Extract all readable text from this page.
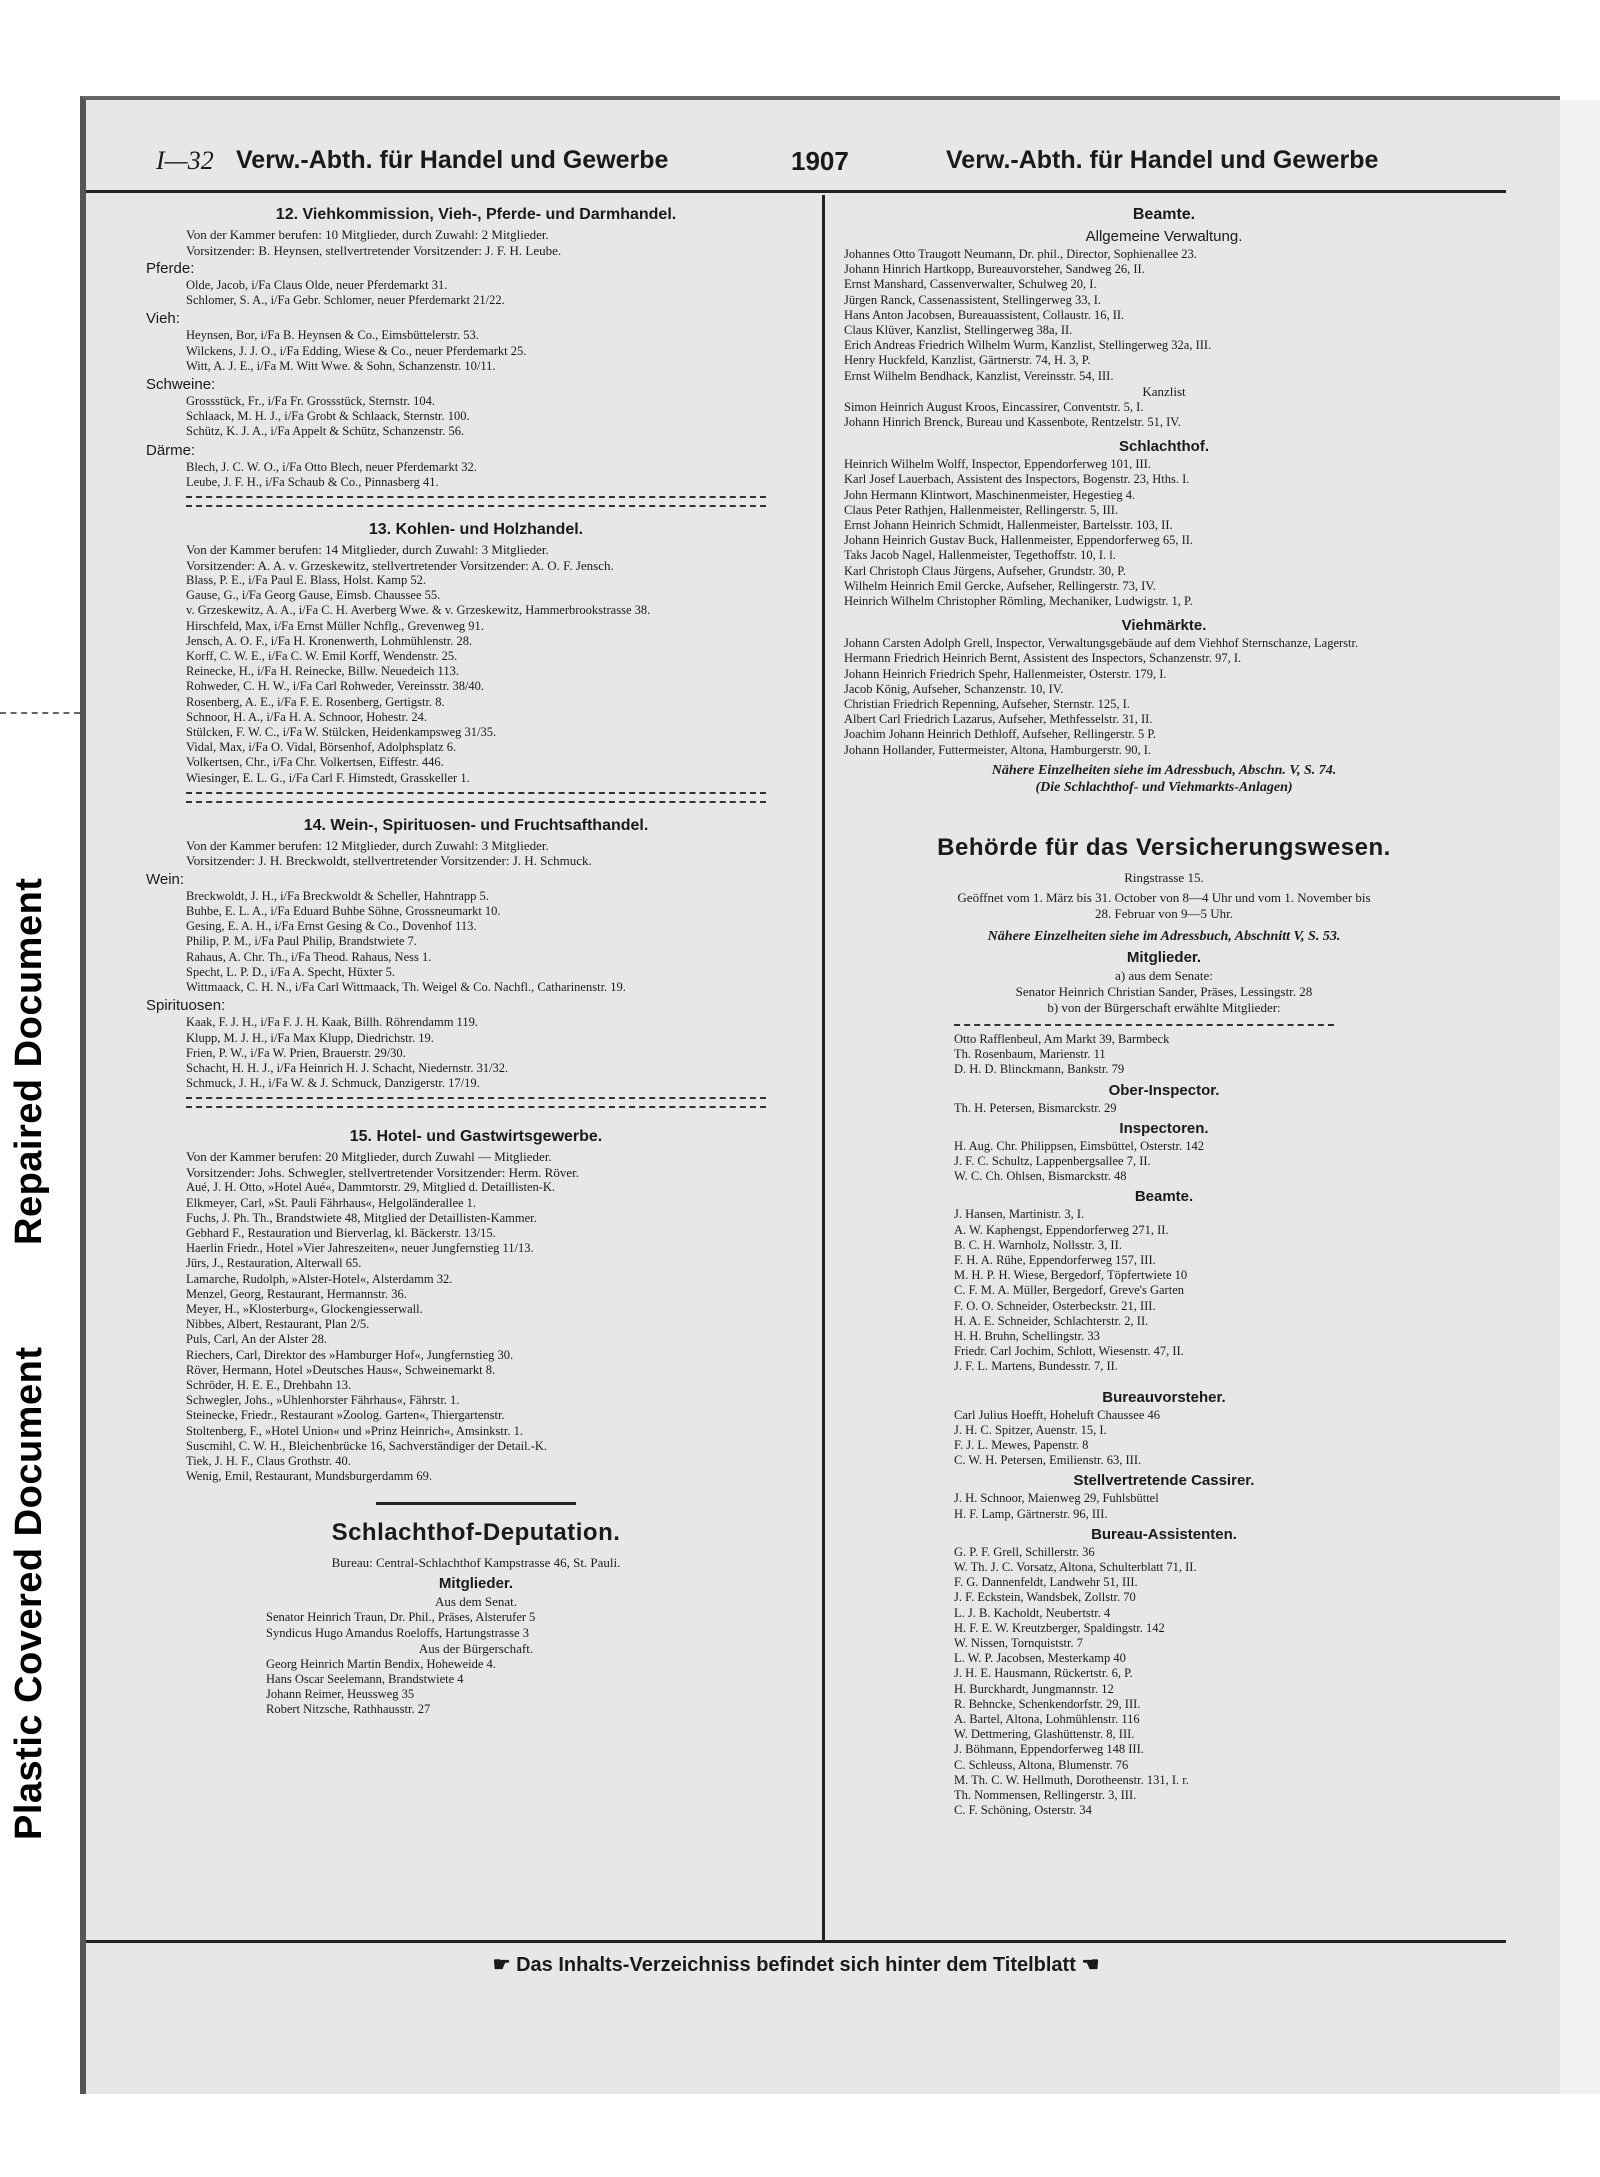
Repaired Document
Plastic Covered Document
I—32 Verw.-Abth. für Handel und Gewerbe	1907	Verw.-Abth. für Handel und Gewerbe
12. Viehkommission, Vieh-, Pferde- und Darmhandel.
Von der Kammer berufen: 10 Mitglieder, durch Zuwahl: 2 Mitglieder.
Vorsitzender: B. Heynsen, stellvertretender Vorsitzender: J. F. H. Leube.
Pferde:
Olde, Jacob, i/Fa Claus Olde, neuer Pferdemarkt 31.
Schlomer, S. A., i/Fa Gebr. Schlomer, neuer Pferdemarkt 21/22.
Vieh:
Heynsen, Bor, i/Fa B. Heynsen & Co., Eimsbüttelerstr. 53.
Wilckens, J. J. O., i/Fa Edding, Wiese & Co., neuer Pferdemarkt 25.
Witt, A. J. E., i/Fa M. Witt Wwe. & Sohn, Schanzenstr. 10/11.
Schweine:
Grossstück, Fr., i/Fa Fr. Grossstück, Sternstr. 104.
Schlaack, M. H. J., i/Fa Grobt & Schlaack, Sternstr. 100.
Schütz, K. J. A., i/Fa Appelt & Schütz, Schanzenstr. 56.
Därme:
Blech, J. C. W. O., i/Fa Otto Blech, neuer Pferdemarkt 32.
Leube, J. F. H., i/Fa Schaub & Co., Pinnasberg 41.
13. Kohlen- und Holzhandel.
Von der Kammer berufen: 14 Mitglieder, durch Zuwahl: 3 Mitglieder.
Vorsitzender: A. A. v. Grzeskewitz, stellvertretender Vorsitzender: A. O. F. Jensch.
Blass, P. E., i/Fa Paul E. Blass, Holst. Kamp 52.
Gause, G., i/Fa Georg Gause, Eimsb. Chaussee 55.
v. Grzeskewitz, A. A., i/Fa C. H. Averberg Wwe. & v. Grzeskewitz, Hammerbrookstrasse 38.
Hirschfeld, Max, i/Fa Ernst Müller Nchflg., Grevenweg 91.
Jensch, A. O. F., i/Fa H. Kronenwerth, Lohmühlenstr. 28.
Korff, C. W. E., i/Fa C. W. Emil Korff, Wendenstr. 25.
Reinecke, H., i/Fa H. Reinecke, Billw. Neuedeich 113.
Rohweder, C. H. W., i/Fa Carl Rohweder, Vereinsstr. 38/40.
Rosenberg, A. E., i/Fa F. E. Rosenberg, Gertigstr. 8.
Schnoor, H. A., i/Fa H. A. Schnoor, Hohestr. 24.
Stülcken, F. W. C., i/Fa W. Stülcken, Heidenkampsweg 31/35.
Vidal, Max, i/Fa O. Vidal, Börsenhof, Adolphsplatz 6.
Volkertsen, Chr., i/Fa Chr. Volkertsen, Eiffestr. 446.
Wiesinger, E. L. G., i/Fa Carl F. Himstedt, Grasskeller 1.
14. Wein-, Spirituosen- und Fruchtsafthandel.
Von der Kammer berufen: 12 Mitglieder, durch Zuwahl: 3 Mitglieder.
Vorsitzender: J. H. Breckwoldt, stellvertretender Vorsitzender: J. H. Schmuck.
Wein:
Breckwoldt, J. H., i/Fa Breckwoldt & Scheller, Hahntrapp 5.
Buhbe, E. L. A., i/Fa Eduard Buhbe Söhne, Grossneumarkt 10.
Gesing, E. A. H., i/Fa Ernst Gesing & Co., Dovenhof 113.
Philip, P. M., i/Fa Paul Philip, Brandstwiete 7.
Rahaus, A. Chr. Th., i/Fa Theod. Rahaus, Ness 1.
Specht, L. P. D., i/Fa A. Specht, Hüxter 5.
Wittmaack, C. H. N., i/Fa Carl Wittmaack, Th. Weigel & Co. Nachfl., Catharinenstr. 19.
Spirituosen:
Kaak, F. J. H., i/Fa F. J. H. Kaak, Billh. Röhrendamm 119.
Klupp, M. J. H., i/Fa Max Klupp, Diedrichstr. 19.
Frien, P. W., i/Fa W. Prien, Brauerstr. 29/30.
Schacht, H. H. J., i/Fa Heinrich H. J. Schacht, Niedernstr. 31/32.
Schmuck, J. H., i/Fa W. & J. Schmuck, Danzigerstr. 17/19.
15. Hotel- und Gastwirtsgewerbe.
Von der Kammer berufen: 20 Mitglieder, durch Zuwahl — Mitglieder.
Vorsitzender: Johs. Schwegler, stellvertretender Vorsitzender: Herm. Röver.
Aué, J. H. Otto, »Hotel Aué«, Dammtorstr. 29, Mitglied d. Detaillisten-K.
Elkmeyer, Carl, »St. Pauli Fährhaus«, Helgoländerallee 1.
Fuchs, J. Ph. Th., Brandstwiete 48, Mitglied der Detaillisten-Kammer.
Gebhard F., Restauration und Bierverlag, kl. Bäckerstr. 13/15.
Haerlin Friedr., Hotel »Vier Jahreszeiten«, neuer Jungfernstieg 11/13.
Jürs, J., Restauration, Alterwall 65.
Lamarche, Rudolph, »Alster-Hotel«, Alsterdamm 32.
Menzel, Georg, Restaurant, Hermannstr. 36.
Meyer, H., »Klosterburg«, Glockengiesserwall.
Nibbes, Albert, Restaurant, Plan 2/5.
Puls, Carl, An der Alster 28.
Riechers, Carl, Direktor des »Hamburger Hof«, Jungfernstieg 30.
Röver, Hermann, Hotel »Deutsches Haus«, Schweinemarkt 8.
Schröder, H. E. E., Drehbahn 13.
Schwegler, Johs., »Uhlenhorster Fährhaus«, Fährstr. 1.
Steinecke, Friedr., Restaurant »Zoolog. Garten«, Thiergartenstr.
Stoltenberg, F., »Hotel Union« und »Prinz Heinrich«, Amsinkstr. 1.
Suscmihl, C. W. H., Bleichenbrücke 16, Sachverständiger der Detail.-K.
Tiek, J. H. F., Claus Grothstr. 40.
Wenig, Emil, Restaurant, Mundsburgerdamm 69.
Schlachthof-Deputation.
Bureau: Central-Schlachthof Kampstrasse 46, St. Pauli.
Mitglieder.
Aus dem Senat.
Senator Heinrich Traun, Dr. Phil., Präses, Alsterufer 5
Syndicus Hugo Amandus Roeloffs, Hartungstrasse 3
Aus der Bürgerschaft.
Georg Heinrich Martin Bendix, Hoheweide 4.
Hans Oscar Seelemann, Brandstwiete 4
Johann Reimer, Heussweg 35
Robert Nitzsche, Rathhausstr. 27
Beamte.
Allgemeine Verwaltung.
Johannes Otto Traugott Neumann, Dr. phil., Director, Sophienallee 23.
Johann Hinrich Hartkopp, Bureauvorsteher, Sandweg 26, II.
Ernst Manshard, Cassenverwalter, Schulweg 20, I.
Jürgen Ranck, Cassenassistent, Stellingerweg 33, I.
Hans Anton Jacobsen, Bureauassistent, Collaustr. 16, II.
Claus Klüver, Kanzlist, Stellingerweg 38a, II.
Erich Andreas Friedrich Wilhelm Wurm, Kanzlist, Stellingerweg 32a, III.
Henry Huckfeld, Kanzlist, Gärtnerstr. 74, H. 3, P.
Ernst Wilhelm Bendhack, Kanzlist, Vereinsstr. 54, III.
Kanzlist
Simon Heinrich August Kroos, Eincassirer, Conventstr. 5, I.
Johann Hinrich Brenck, Bureau und Kassenbote, Rentzelstr. 51, IV.
Schlachthof.
Heinrich Wilhelm Wolff, Inspector, Eppendorferweg 101, III.
Karl Josef Lauerbach, Assistent des Inspectors, Bogenstr. 23, Hths. I.
John Hermann Klintwort, Maschinenmeister, Hegestieg 4.
Claus Peter Rathjen, Hallenmeister, Rellingerstr. 5, III.
Ernst Johann Heinrich Schmidt, Hallenmeister, Bartelsstr. 103, II.
Johann Heinrich Gustav Buck, Hallenmeister, Eppendorferweg 65, II.
Taks Jacob Nagel, Hallenmeister, Tegethoffstr. 10, I. l.
Karl Christoph Claus Jürgens, Aufseher, Grundstr. 30, P.
Wilhelm Heinrich Emil Gercke, Aufseher, Rellingerstr. 73, IV.
Heinrich Wilhelm Christopher Römling, Mechaniker, Ludwigstr. 1, P.
Viehmärkte.
Johann Carsten Adolph Grell, Inspector, Verwaltungsgebäude auf dem Viehhof Sternschanze, Lagerstr.
Hermann Friedrich Heinrich Bernt, Assistent des Inspectors, Schanzenstr. 97, I.
Johann Heinrich Friedrich Spehr, Hallenmeister, Osterstr. 179, I.
Jacob König, Aufseher, Schanzenstr. 10, IV.
Christian Friedrich Repenning, Aufseher, Sternstr. 125, I.
Albert Carl Friedrich Lazarus, Aufseher, Methfesselstr. 31, II.
Joachim Johann Heinrich Dethloff, Aufseher, Rellingerstr. 5 P.
Johann Hollander, Futtermeister, Altona, Hamburgerstr. 90, I.
Nähere Einzelheiten siehe im Adressbuch, Abschn. V, S. 74.
(Die Schlachthof- und Viehmarkts-Anlagen)
Behörde für das Versicherungswesen.
Ringstrasse 15.
Geöffnet vom 1. März bis 31. October von 8—4 Uhr und vom 1. November bis
28. Februar von 9—5 Uhr.
Nähere Einzelheiten siehe im Adressbuch, Abschnitt V, S. 53.
Mitglieder.
a) aus dem Senate:
Senator Heinrich Christian Sander, Präses, Lessingstr. 28
b) von der Bürgerschaft erwählte Mitglieder:
Otto Rafflenbeul, Am Markt 39, Barmbeck
Th. Rosenbaum, Marienstr. 11
D. H. D. Blinckmann, Bankstr. 79
Ober-Inspector.
Th. H. Petersen, Bismarckstr. 29
Inspectoren.
H. Aug. Chr. Philippsen, Eimsbüttel, Osterstr. 142
J. F. C. Schultz, Lappenbergsallee 7, II.
W. C. Ch. Ohlsen, Bismarckstr. 48
Beamte.
J. Hansen, Martinistr. 3, I.
A. W. Kaphengst, Eppendorferweg 271, II.
B. C. H. Warnholz, Nollsstr. 3, II.
F. H. A. Rühe, Eppendorferweg 157, III.
M. H. P. H. Wiese, Bergedorf, Töpfertwiete 10
C. F. M. A. Müller, Bergedorf, Greve's Garten
F. O. O. Schneider, Osterbeckstr. 21, III.
H. A. E. Schneider, Schlachterstr. 2, II.
H. H. Bruhn, Schellingstr. 33
Friedr. Carl Jochim, Schlott, Wiesenstr. 47, II.
J. F. L. Martens, Bundesstr. 7, II.
Bureauvorsteher.
Carl Julius Hoefft, Hoheluft Chaussee 46
J. H. C. Spitzer, Auenstr. 15, I.
F. J. L. Mewes, Papenstr. 8
C. W. H. Petersen, Emilienstr. 63, III.
Stellvertretende Cassirer.
J. H. Schnoor, Maienweg 29, Fuhlsbüttel
H. F. Lamp, Gärtnerstr. 96, III.
Bureau-Assistenten.
G. P. F. Grell, Schillerstr. 36
W. Th. J. C. Vorsatz, Altona, Schulterblatt 71, II.
F. G. Dannenfeldt, Landwehr 51, III.
J. F. Eckstein, Wandsbek, Zollstr. 70
L. J. B. Kacholdt, Neubertstr. 4
H. F. E. W. Kreutzberger, Spaldingstr. 142
W. Nissen, Tornquiststr. 7
L. W. P. Jacobsen, Mesterkamp 40
J. H. E. Hausmann, Rückertstr. 6, P.
H. Burckhardt, Jungmannstr. 12
R. Behncke, Schenkendorfstr. 29, III.
A. Bartel, Altona, Lohmühlenstr. 116
W. Dettmering, Glashüttenstr. 8, III.
J. Böhmann, Eppendorferweg 148 III.
C. Schleuss, Altona, Blumenstr. 76
M. Th. C. W. Hellmuth, Dorotheenstr. 131, I. r.
Th. Nommensen, Rellingerstr. 3, III.
C. F. Schöning, Osterstr. 34
☛ Das Inhalts-Verzeichniss befindet sich hinter dem Titelblatt ☚
